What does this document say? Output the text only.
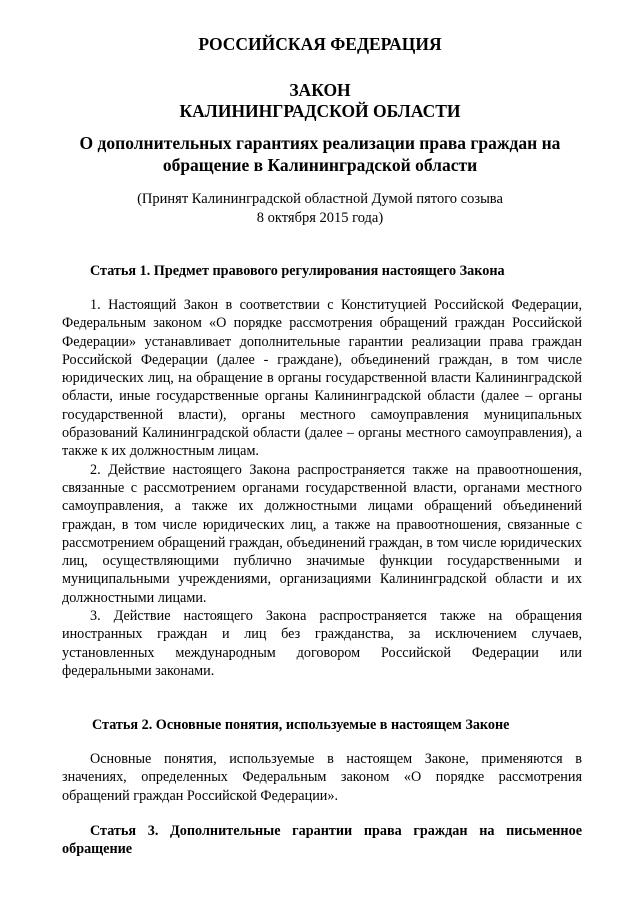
РОССИЙСКАЯ ФЕДЕРАЦИЯ
ЗАКОН
КАЛИНИНГРАДСКОЙ ОБЛАСТИ
О дополнительных гарантиях реализации права граждан на
обращение в Калининградской области
(Принят Калининградской областной Думой пятого созыва
8 октября 2015 года)
Статья 1. Предмет правового регулирования настоящего Закона

1. Настоящий Закон в соответствии с Конституцией Российской Федерации, Федеральным законом «О порядке рассмотрения обращений граждан Российской Федерации» устанавливает дополнительные гарантии реализации права граждан Российской Федерации (далее - граждане), объединений граждан, в том числе юридических лиц, на обращение в органы государственной власти Калининградской области, иные государственные органы Калининградской области (далее – органы государственной власти), органы местного самоуправления муниципальных образований Калининградской области (далее – органы местного самоуправления), а также к их должностным лицам.

2. Действие настоящего Закона распространяется также на правоотношения, связанные с рассмотрением органами государственной власти, органами местного самоуправления, а также их должностными лицами обращений объединений граждан, в том числе юридических лиц, а также на правоотношения, связанные с рассмотрением обращений граждан, объединений граждан, в том числе юридических лиц, осуществляющими публично значимые функции государственными и муниципальными учреждениями, организациями Калининградской области и их должностными лицами.

3. Действие настоящего Закона распространяется также на обращения иностранных граждан и лиц без гражданства, за исключением случаев, установленных международным договором Российской Федерации или федеральными законами.

Статья 2. Основные понятия, используемые в настоящем Законе

Основные понятия, используемые в настоящем Законе, применяются в значениях, определенных Федеральным законом «О порядке рассмотрения обращений граждан Российской Федерации».

Статья 3. Дополнительные гарантии права граждан на письменное обращение
